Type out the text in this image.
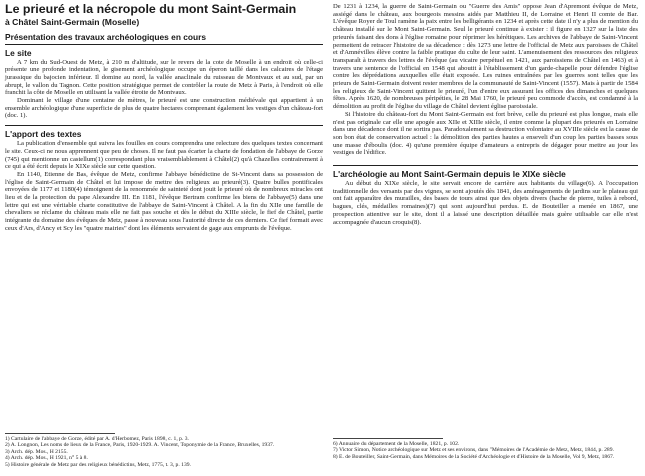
Le prieuré et la nécropole du mont Saint-Germain
à Châtel Saint-Germain (Moselle)
Présentation des travaux archéologiques en cours
Le site

A 7 km du Sud-Ouest de Metz, à 210 m d'altitude, sur le revers de la cote de Moselle à un endroit où celle-ci présente une profonde indentation, le gisement archéologique occupe un éperon taillé dans les calcaires de l'étage jurassique du bajocien inférieur. Il domine au nord, la vallée anaclinale du ruisseau de Montvaux et au sud, par un abrupt, le vallon du Tagnon. Cette position stratégique permet de contrôler la route de Metz à Paris, à l'endroit où elle franchit la côte de Moselle en utilisant la vallée étroite de Montvaux.

Dominant le village d'une centaine de mètres, le prieuré est une construction médiévale qui appartient à un ensemble archéologique d'une superficie de plus de quatre hectares comprenant également les vestiges d'un château-fort (doc. 1).

L'apport des textes

La publication d'ensemble qui suivra les fouilles en cours comprendra une relecture des quelques textes concernant le site. Ceux-ci ne nous apprennent que peu de choses. Il ne faut pas écarter la charte de fondation de l'abbaye de Gorze (745) qui mentionne un castellum(1) correspondant plus vraisemblablement à Châtel(2) qu'à Chazelles contrairement à ce qui a été écrit depuis le XIXe siècle sur cette question.

En 1140, Etienne de Bas, évêque de Metz, confirme l'abbaye bénédictine de St-Vincent dans sa possession de l'église de Saint-Germain de Châtel et lui impose de mettre des religieux au prieuré(3). Quatre bulles pontificales envoyées de 1177 et 1180(4) témoignent de la renommée de sainteté dont jouit le prieuré où de nombreux miracles ont lieu et de la protection du pape Alexandre III. En 1181, l'évêque Bertram confirme les biens de l'abbaye(5) dans une lettre qui est une véritable charte constitutive de l'abbaye de Saint-Vincent à Châtel. A la fin du XIIe une famille de chevaliers se réclame du château mais elle ne fait pas souche et dès le début du XIIIe siècle, le fief de Châtel, partie intégrante du domaine des évêques de Metz, passe à nouveau sous l'autorité directe de ces derniers. Ce fief formait avec ceux d'Ars, d'Ancy et Scy les "quatre mairies" dont les éléments servaient de gage aux emprunts de l'évêque.

1) Cartulaire de l'abbaye de Gorze, édité par A. d'Herbomez, Paris 1898, c. 1, p. 3.

2) A. Longnon, Les noms de lieux de la France, Paris, 1920-1929. A. Vincent, Toponymie de la France, Bruxelles, 1937.

3) Arch. dép. Mos., H 2155.

4) Arch. dép. Mos., H 1921, n° 5 à 8.

5) Histoire générale de Metz par des religieux bénédictins, Metz, 1775, t. 3, p. 139.

De 1231 à 1234, la guerre de Saint-Germain ou "Guerre des Amis" oppose Jean d'Apremont évêque de Metz, assiégé dans le château, aux bourgeois messins aidés par Matthieu II, de Lorraine et Henri II comte de Bar. L'évêque Royer de Toul ramène la paix entre les belligérants en 1234 et après cette date il n'y a plus de mention du château installé sur le Mont Saint-Germain. Seul le prieuré continue à exister : il figure en 1327 sur la liste des prieurés faisant des dons à l'église romaine pour réprimer les hérétiques. Les archives de l'abbaye de Saint-Vincent permettent de retracer l'histoire de sa décadence : dès 1273 une lettre de l'official de Metz aux paroisses de Châtel et d'Amnévilles élève contre la faible pratique du culte de leur saint. L'amenuisement des ressources des religieux transparaît à travers des lettres de l'évêque (au vicaire perpétuel en 1421, aux paroissiens de Châtel en 1463) et à travers une sentence de l'official en 1548 qui aboutit à l'établissement d'un garde-chapelle pour défendre l'église contre les déprédations auxquelles elle était exposée. Les ruines entraînées par les guerres sont telles que les prieurs de Saint-Germain doivent rester membres de la communauté de Saint-Vincent (1557). Mais à partir de 1584 les religieux de Saint-Vincent quittent le prieuré, l'un d'entre eux assurant les offices des dimanches et quelques fêtes. Après 1620, de nombreuses péripéties, le 28 Mai 1760, le prieuré peu commode d'accès, est condamné à la démolition au profit de l'église du village de Châtel devient église paroissiale.

Si l'histoire du château-fort du Mont Saint-Germain est fort brève, celle du prieuré est plus longue, mais elle n'est pas originale car elle une apogée aux XIIe et XIIIe siècle, il entre comme la plupart des prieurés en Lorraine dans une décadence dont il ne sortira pas. Paradoxalement sa destruction volontaire au XVIIIe siècle est la cause de son bon état de conservation actuel : la démolition des parties hautes a enseveli d'un coup les parties basses sous une masse d'éboulis (doc. 4) qu'une première équipe d'amateurs a entrepris de dégager pour mettre au jour les vestiges de l'édifice.

L'archéologie au Mont Saint-Germain depuis le XIXe siècle

Au début du XIXe siècle, le site servait encore de carrière aux habitants du village(6). A l'occupation traditionnelle des versants par des vignes, se sont ajoutés dès 1841, des aménagements de jardins sur le plateau qui ont fait apparaître des murailles, des bases de tours ainsi que des objets divers (hache de pierre, tuiles à rebord, bagues, clés, médailles romaines)(7) qui sont aujourd'hui perdus. E. de Bouteiller a menée en 1867, une prospection attentive sur le site, dont il a laissé une description détaillée mais guère utilisable car elle n'est accompagnée d'aucun croquis(8).

6) Annuaire du département de la Moselle, 1821, p. 102.

7) Victor Simon, Notice archéologique sur Metz et ses environs, dans "Mémoires de l'Académie de Metz, Metz, 1844, p. 289.

8) E. de Bouteiller, Saint-Germain, dans Mémoires de la Société d'Archéologie et d'Histoire de la Moselle, Vol 9, Metz, 1867.
